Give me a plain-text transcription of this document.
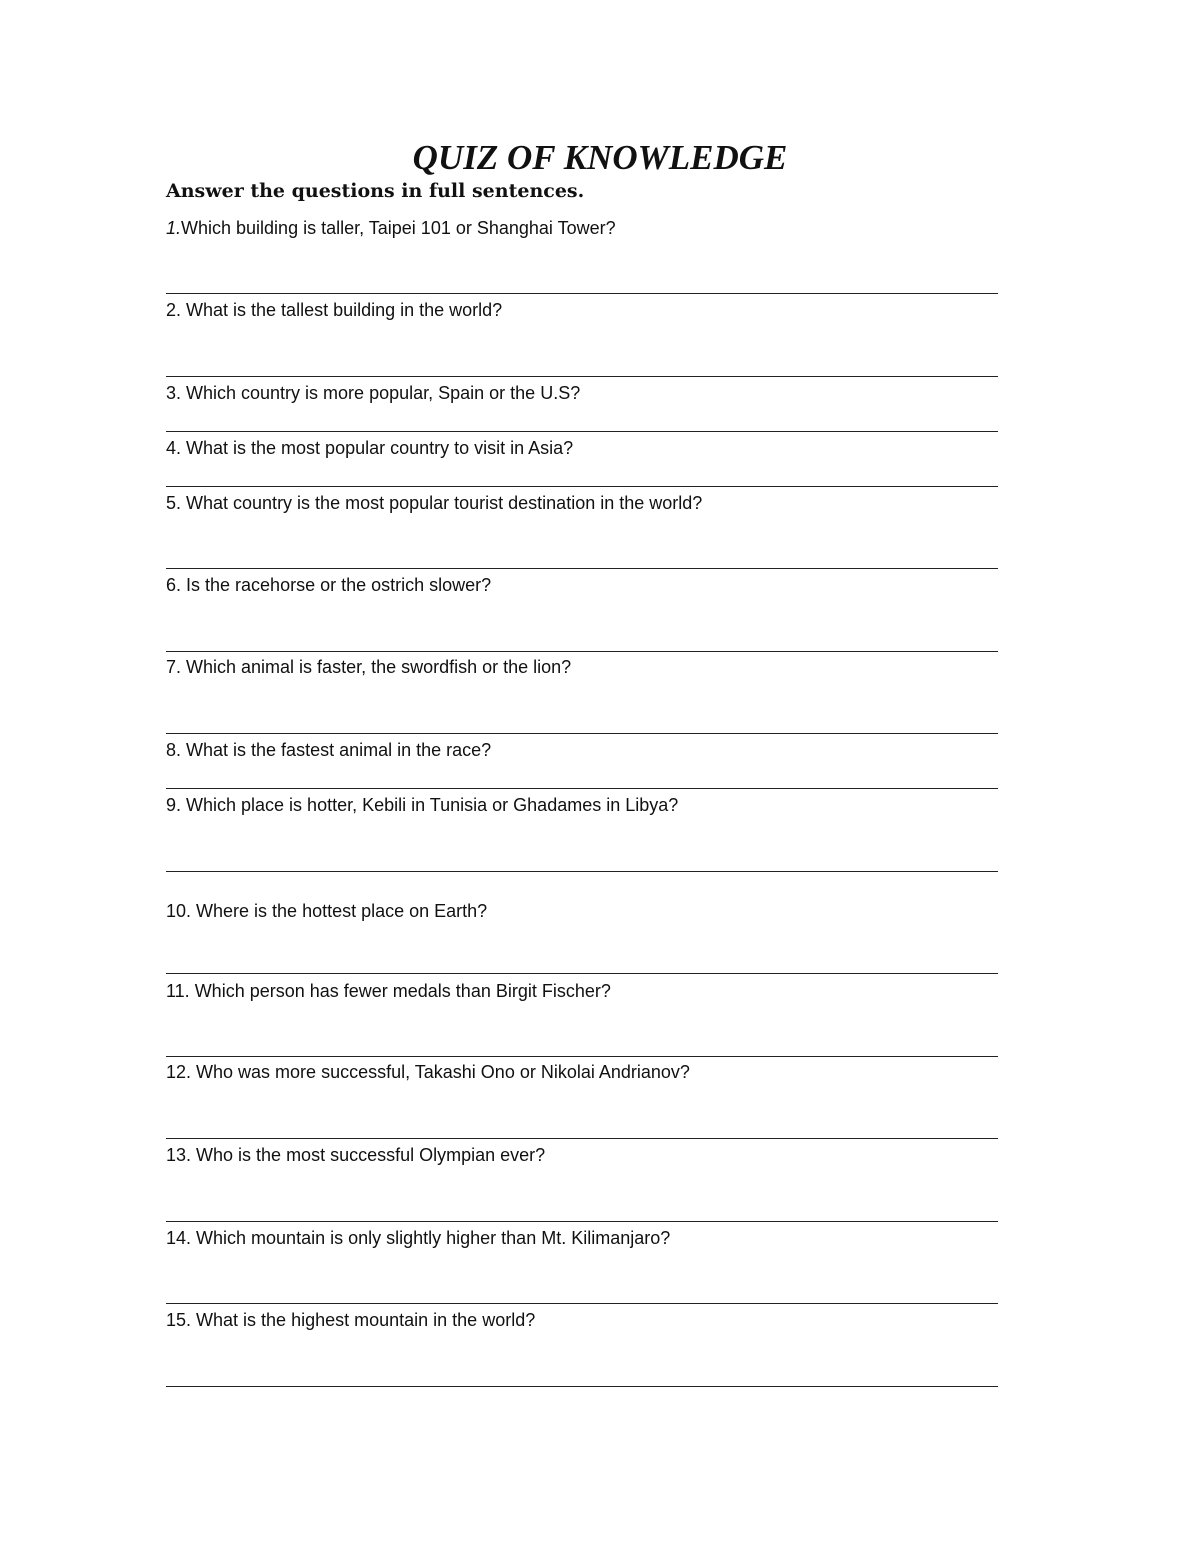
QUIZ OF KNOWLEDGE
Answer the questions in full sentences.
1.Which building is taller, Taipei 101 or Shanghai Tower?
2. What is the tallest building in the world?
3. Which country is more popular, Spain or the U.S?
4. What is the most popular country to visit in Asia?
5. What country is the most popular tourist destination in the world?
6. Is the racehorse or the ostrich slower?
7. Which animal is faster, the swordfish or the lion?
8. What is the fastest animal in the race?
9. Which place is hotter, Kebili in Tunisia or Ghadames in Libya?
10. Where is the hottest place on Earth?
11. Which person has fewer medals than Birgit Fischer?
12. Who was more successful, Takashi Ono or Nikolai Andrianov?
13. Who is the most successful Olympian ever?
14. Which mountain is only slightly higher than Mt. Kilimanjaro?
15. What is the highest mountain in the world?
